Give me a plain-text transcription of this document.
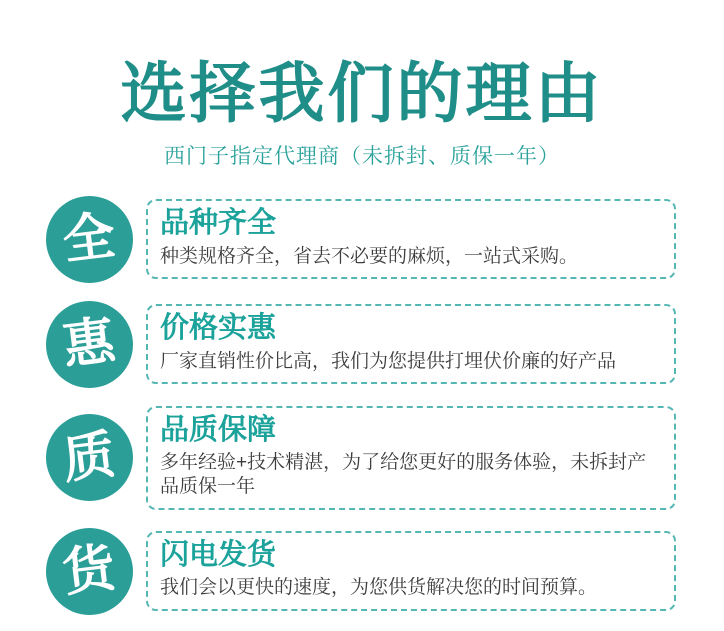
选择我们的理由
西门子指定代理商（未拆封、质保一年）
全 品种齐全

种类规格齐全，省去不必要的麻烦，一站式采购。

惠 价格实惠

厂家直销性价比高，我们为您提供打埋伏价廉的好产品

质 品质保障

多年经验+技术精湛，为了给您更好的服务体验，未拆封产品质保一年

货 闪电发货

我们会以更快的速度，为您供货解决您的时间预算。
